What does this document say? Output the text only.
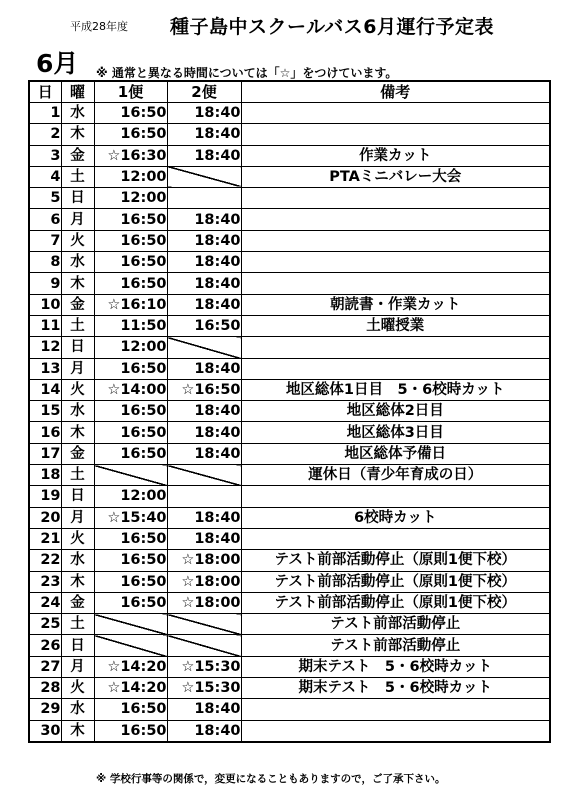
平成28年度 種子島中スクールバス6月運行予定表
6月 ※ 通常と異なる時間については「☆」をつけています。
日	曜	1便	2便	備考
1	水	16:50	18:40	
2	木	16:50	18:40	
3	金	☆16:30	18:40	作業カット
4	土	12:00		PTAミニバレー大会
5	日	12:00		
6	月	16:50	18:40	
7	火	16:50	18:40	
8	水	16:50	18:40	
9	木	16:50	18:40	
10	金	☆16:10	18:40	朝読書・作業カット
11	土	11:50	16:50	土曜授業
12	日	12:00		
13	月	16:50	18:40	
14	火	☆14:00	☆16:50	地区総体1日目　5・6校時カット
15	水	16:50	18:40	地区総体2日目
16	木	16:50	18:40	地区総体3日目
17	金	16:50	18:40	地区総体予備日
18	土			運休日（青少年育成の日）
19	日	12:00		
20	月	☆15:40	18:40	6校時カット
21	火	16:50	18:40	
22	水	16:50	☆18:00	テスト前部活動停止（原則1便下校）
23	木	16:50	☆18:00	テスト前部活動停止（原則1便下校）
24	金	16:50	☆18:00	テスト前部活動停止（原則1便下校）
25	土			テスト前部活動停止
26	日			テスト前部活動停止
27	月	☆14:20	☆15:30	期末テスト　5・6校時カット
28	火	☆14:20	☆15:30	期末テスト　5・6校時カット
29	水	16:50	18:40	
30	木	16:50	18:40	
※ 学校行事等の関係で，変更になることもありますので，ご了承下さい。
